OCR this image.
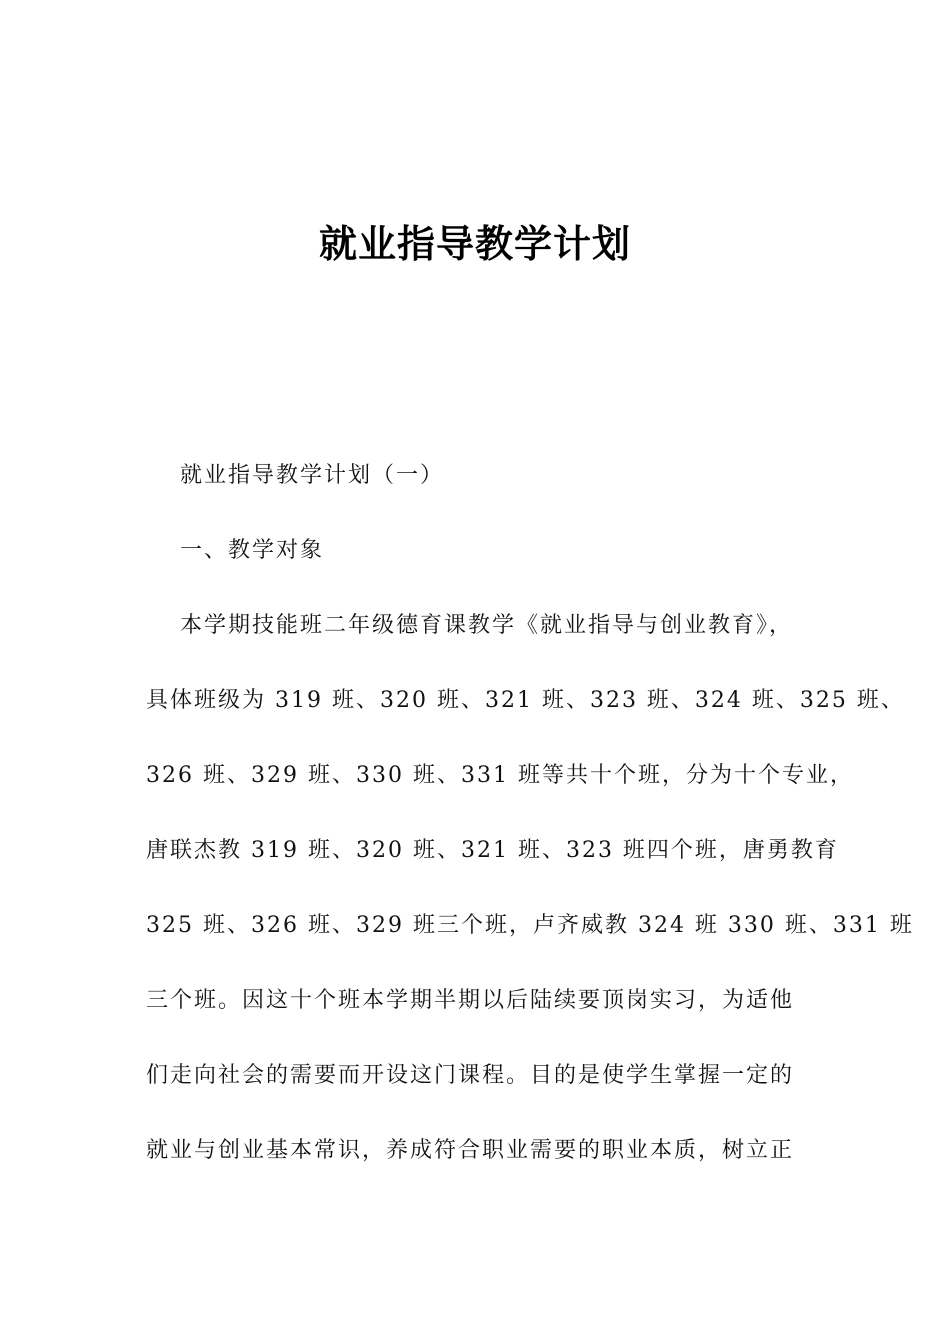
就业指导教学计划
就业指导教学计划（一）
一、教学对象
本学期技能班二年级德育课教学《就业指导与创业教育》，
具体班级为 319 班、320 班、321 班、323 班、324 班、325 班、
326 班、329 班、330 班、331 班等共十个班，分为十个专业，
唐联杰教 319 班、320 班、321 班、323 班四个班，唐勇教育
325 班、326 班、329 班三个班，卢齐威教 324 班 330 班、331 班
三个班。因这十个班本学期半期以后陆续要顶岗实习，为适他
们走向社会的需要而开设这门课程。目的是使学生掌握一定的
就业与创业基本常识，养成符合职业需要的职业本质，树立正
